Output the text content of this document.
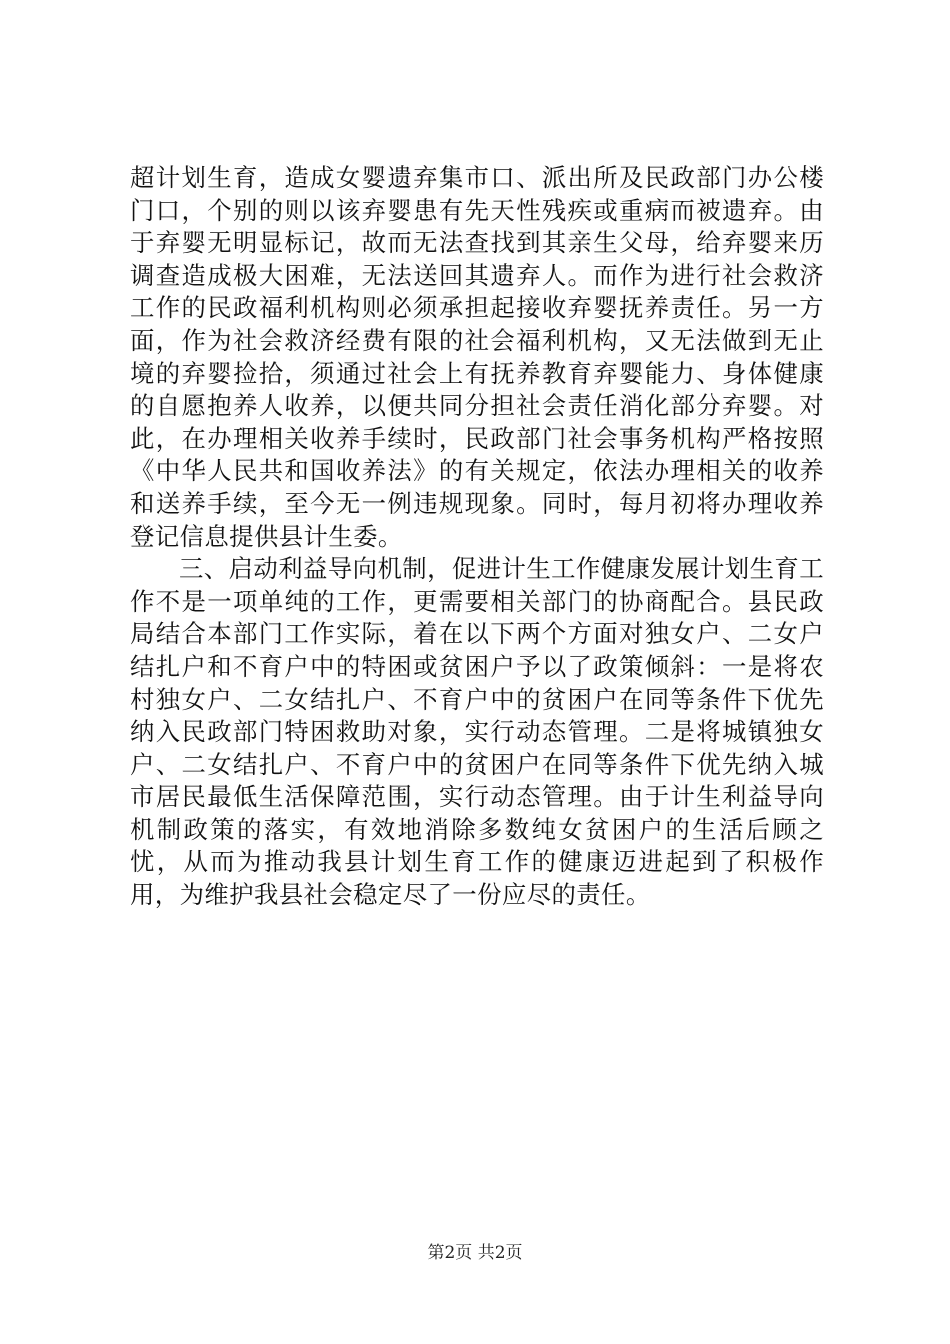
超计划生育，造成女婴遗弃集市口、派出所及民政部门办公楼门口，个别的则以该弃婴患有先天性残疾或重病而被遗弃。由于弃婴无明显标记，故而无法查找到其亲生父母，给弃婴来历调查造成极大困难，无法送回其遗弃人。而作为进行社会救济工作的民政福利机构则必须承担起接收弃婴抚养责任。另一方面，作为社会救济经费有限的社会福利机构，又无法做到无止境的弃婴捡拾，须通过社会上有抚养教育弃婴能力、身体健康的自愿抱养人收养，以便共同分担社会责任消化部分弃婴。对此，在办理相关收养手续时，民政部门社会事务机构严格按照《中华人民共和国收养法》的有关规定，依法办理相关的收养和送养手续，至今无一例违规现象。同时，每月初将办理收养登记信息提供县计生委。

三、启动利益导向机制，促进计生工作健康发展计划生育工作不是一项单纯的工作，更需要相关部门的协商配合。县民政局结合本部门工作实际，着在以下两个方面对独女户、二女户结扎户和不育户中的特困或贫困户予以了政策倾斜：一是将农村独女户、二女结扎户、不育户中的贫困户在同等条件下优先纳入民政部门特困救助对象，实行动态管理。二是将城镇独女户、二女结扎户、不育户中的贫困户在同等条件下优先纳入城市居民最低生活保障范围，实行动态管理。由于计生利益导向机制政策的落实，有效地消除多数纯女贫困户的生活后顾之忧，从而为推动我县计划生育工作的健康迈进起到了积极作用，为维护我县社会稳定尽了一份应尽的责任。

第2页 共2页
